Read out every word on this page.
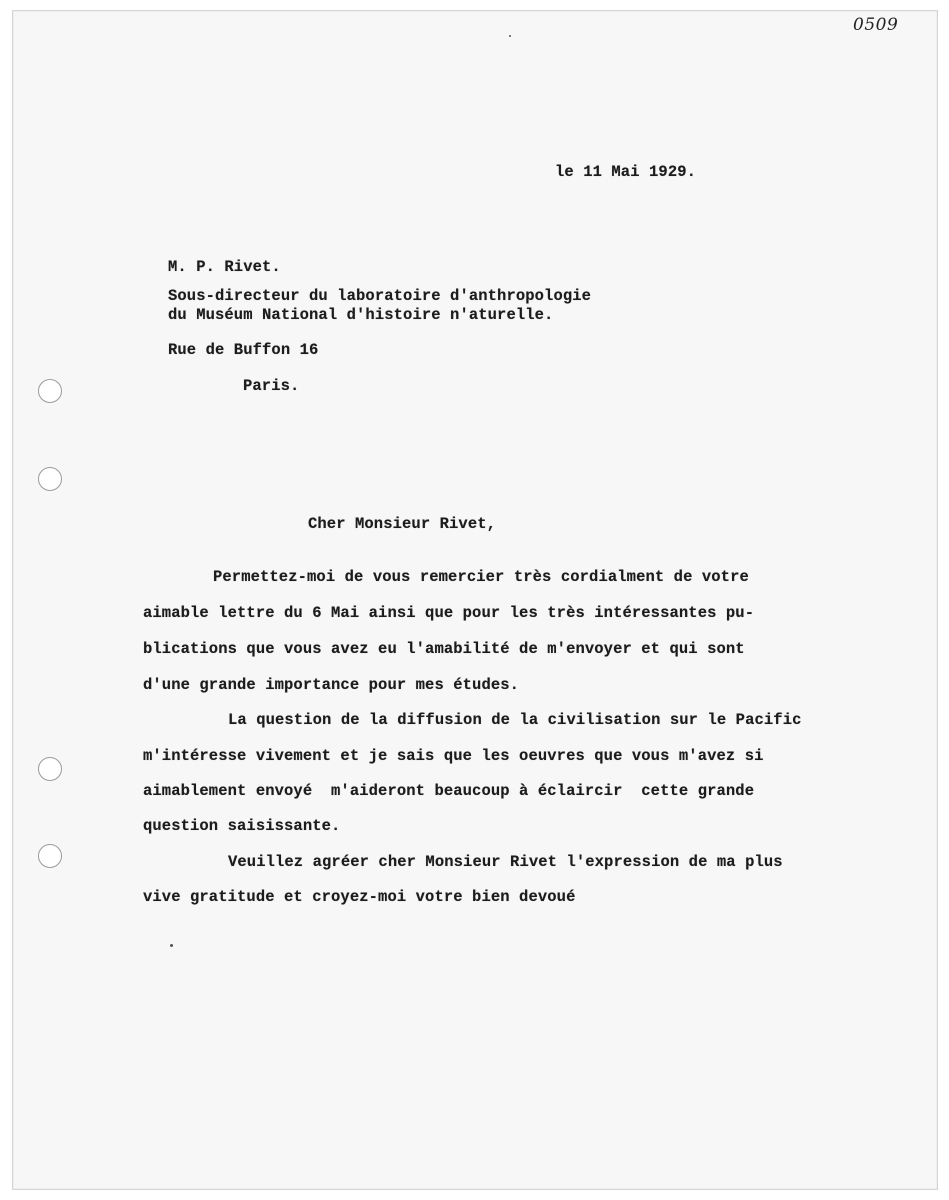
0509
le 11 Mai 1929.
M. P. Rivet.
Sous-directeur du laboratoire d'anthropologie
du Muséum National d'histoire n'aturelle.
Rue de Buffon 16
Paris.
Cher Monsieur Rivet,
Permettez-moi de vous remercier très cordialment de votre
aimable lettre du 6 Mai ainsi que pour les très intéressantes pu-
blications que vous avez eu l'amabilité de m'envoyer et qui sont
d'une grande importance pour mes études.
La question de la diffusion de la civilisation sur le Pacific
m'intéresse vivement et je sais que les oeuvres que vous m'avez si
aimablement envoyé  m'aideront beaucoup à éclaircir  cette grande
question saisissante.
Veuillez agréer cher Monsieur Rivet l'expression de ma plus
vive gratitude et croyez-moi votre bien devoué
